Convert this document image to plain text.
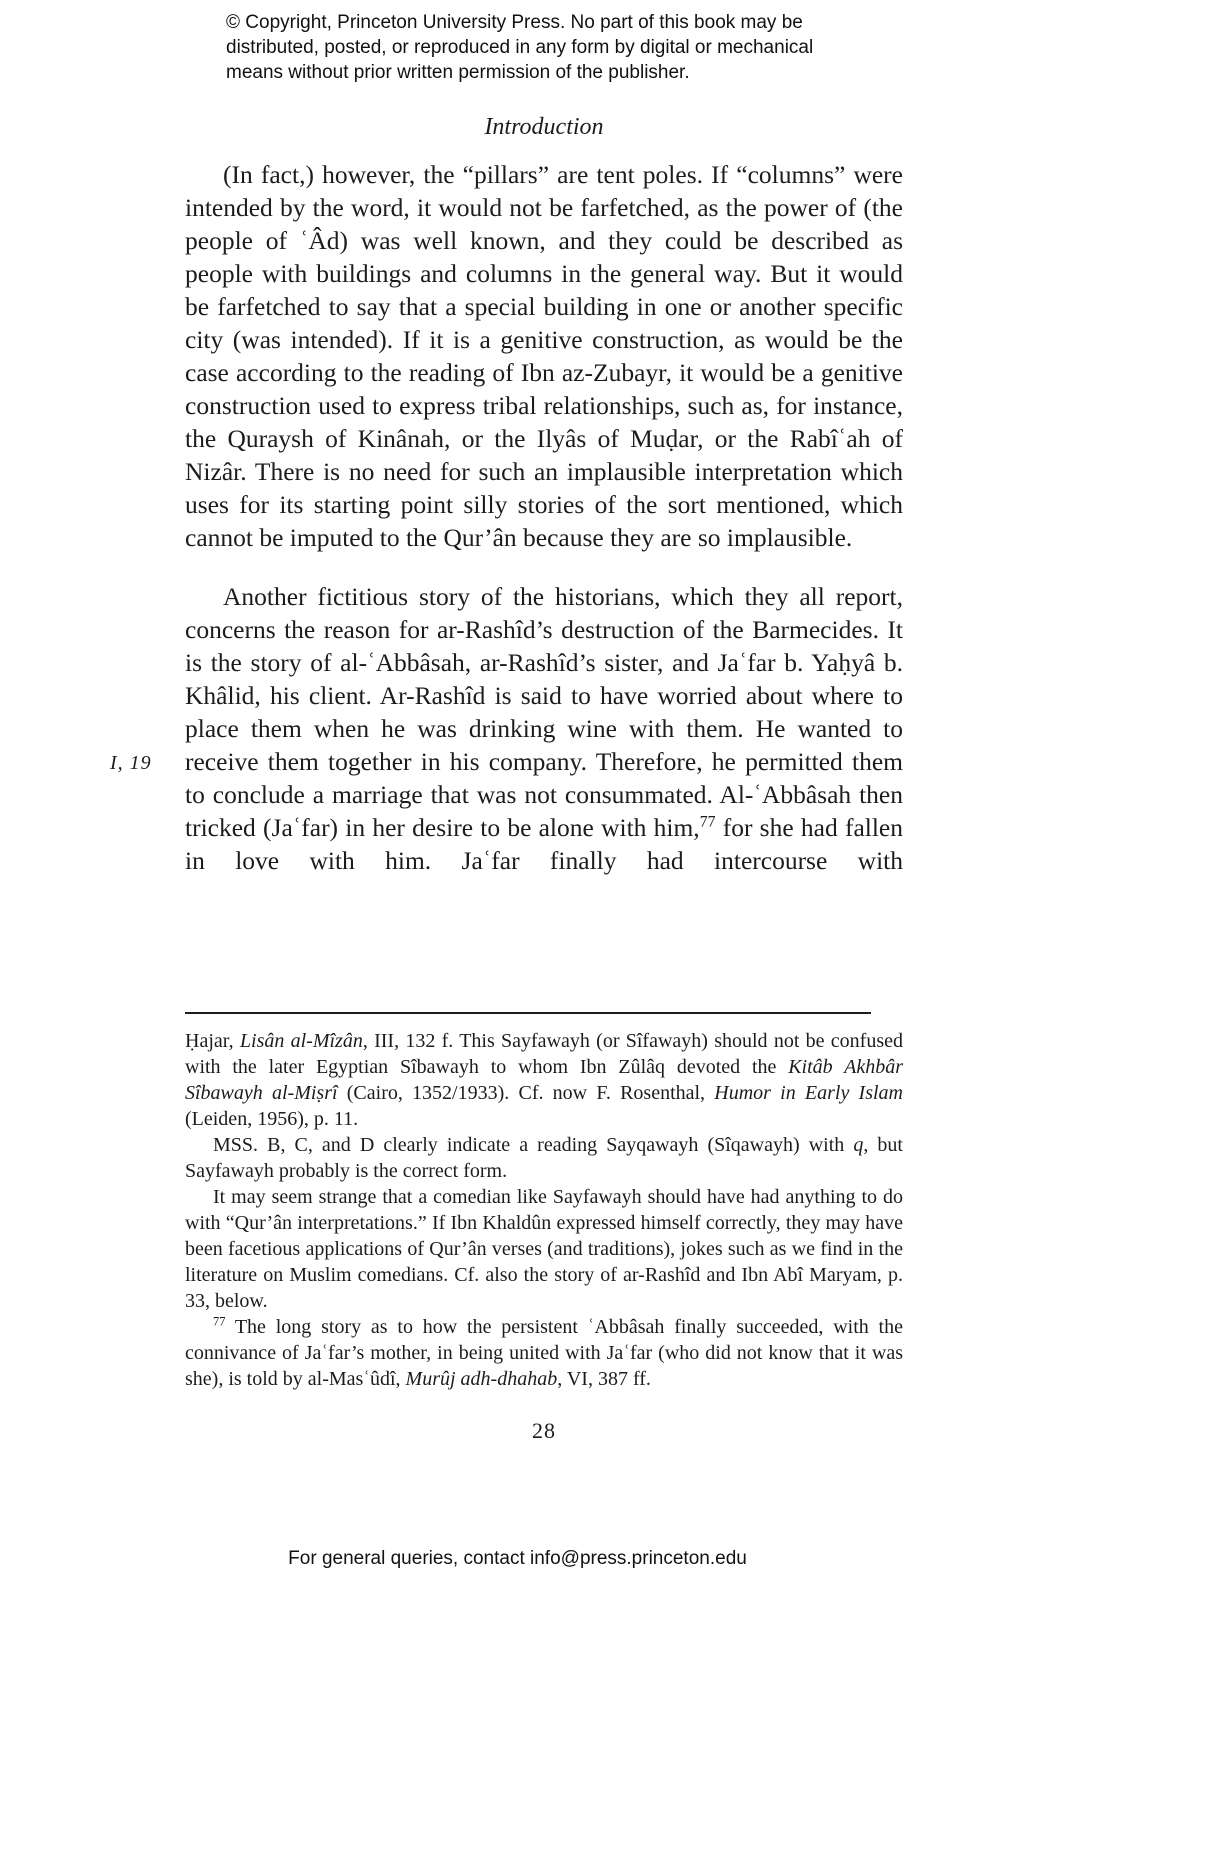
© Copyright, Princeton University Press. No part of this book may be distributed, posted, or reproduced in any form by digital or mechanical means without prior written permission of the publisher.
Introduction
I, 19

(In fact,) however, the “pillars” are tent poles. If “columns” were intended by the word, it would not be farfetched, as the power of (the people of ʿÂd) was well known, and they could be described as people with buildings and columns in the general way. But it would be farfetched to say that a special building in one or another specific city (was intended). If it is a genitive construction, as would be the case according to the reading of Ibn az-Zubayr, it would be a genitive construction used to express tribal relationships, such as, for instance, the Quraysh of Kinânah, or the Ilyâs of Muḍar, or the Rabîʿah of Nizâr. There is no need for such an implausible interpretation which uses for its starting point silly stories of the sort mentioned, which cannot be imputed to the Qur’ân because they are so implausible.

Another fictitious story of the historians, which they all report, concerns the reason for ar-Rashîd’s destruction of the Barmecides. It is the story of al-ʿAbbâsah, ar-Rashîd’s sister, and Jaʿfar b. Yaḥyâ b. Khâlid, his client. Ar-Rashîd is said to have worried about where to place them when he was drinking wine with them. He wanted to receive them together in his company. Therefore, he permitted them to conclude a marriage that was not consummated. Al-ʿAbbâsah then tricked (Jaʿfar) in her desire to be alone with him,$^{77}$ for she had fallen in love with him. Jaʿfar finally had intercourse with

Ḥajar, Lisân al-Mîzân, III, 132 f. This Sayfawayh (or Sîfawayh) should not be confused with the later Egyptian Sîbawayh to whom Ibn Zûlâq devoted the Kitâb Akhbâr Sîbawayh al-Miṣrî (Cairo, 1352/1933). Cf. now F. Rosenthal, Humor in Early Islam (Leiden, 1956), p. 11.

MSS. B, C, and D clearly indicate a reading Sayqawayh (Sîqawayh) with q, but Sayfawayh probably is the correct form.

It may seem strange that a comedian like Sayfawayh should have had anything to do with “Qur’ân interpretations.” If Ibn Khaldûn expressed himself correctly, they may have been facetious applications of Qur’ân verses (and traditions), jokes such as we find in the literature on Muslim comedians. Cf. also the story of ar-Rashîd and Ibn Abî Maryam, p. 33, below.

$^{77}$ The long story as to how the persistent ʿAbbâsah finally succeeded, with the connivance of Jaʿfar’s mother, in being united with Jaʿfar (who did not know that it was she), is told by al-Masʿûdî, Murûj adh-dhahab, VI, 387 ff.

28
For general queries, contact info@press.princeton.edu
